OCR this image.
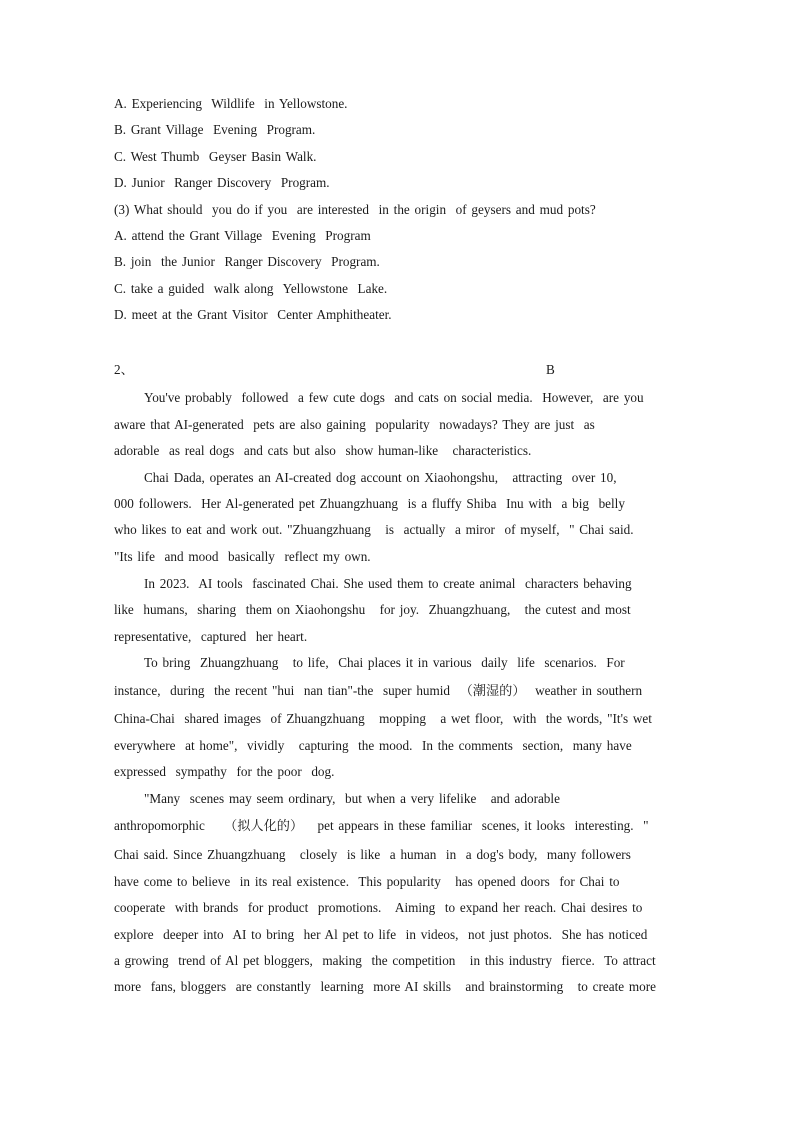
A. Experiencing  Wildlife  in Yellowstone.
B. Grant Village  Evening  Program.
C. West Thumb  Geyser Basin Walk.
D. Junior  Ranger Discovery  Program.
(3) What should  you do if you  are interested  in the origin  of geysers and mud pots?
A. attend the Grant Village  Evening  Program
B. join  the Junior  Ranger Discovery  Program.
C. take a guided  walk along  Yellowstone  Lake.
D. meet at the Grant Visitor  Center Amphitheater.
2、	B
You've probably  followed  a few cute dogs  and cats on social media.  However,  are you
aware that AI-generated  pets are also gaining  popularity  nowadays? They are just  as
adorable  as real dogs  and cats but also  show human-like   characteristics.
Chai Dada, operates an AI-created dog account on Xiaohongshu,   attracting  over 10,
000 followers.  Her Al-generated pet Zhuangzhuang  is a fluffy Shiba  Inu with  a big  belly
who likes to eat and work out. "Zhuangzhuang   is  actually  a miror  of myself,  " Chai said.
"Its life  and mood  basically  reflect my own.
In 2023.  AI tools  fascinated Chai. She used them to create animal  characters behaving
like  humans,  sharing  them on Xiaohongshu   for joy.  Zhuangzhuang,   the cutest and most
representative,  captured  her heart.
To bring  Zhuangzhuang   to life,  Chai places it in various  daily  life  scenarios.  For
instance,  during  the recent "hui  nan tian"-the  super humid  （潮湿的）  weather in southern
China-Chai  shared images  of Zhuangzhuang   mopping   a wet floor,  with  the words, "It's wet
everywhere  at home",  vividly   capturing  the mood.  In the comments  section,  many have
expressed  sympathy  for the poor  dog.
"Many  scenes may seem ordinary,  but when a very lifelike   and adorable
anthropomorphic    （拟人化的）   pet appears in these familiar  scenes, it looks  interesting.  "
Chai said. Since Zhuangzhuang   closely  is like  a human  in  a dog's body,  many followers
have come to believe  in its real existence.  This popularity   has opened doors  for Chai to
cooperate  with brands  for product  promotions.   Aiming  to expand her reach. Chai desires to
explore  deeper into  AI to bring  her Al pet to life  in videos,  not just photos.  She has noticed
a growing  trend of Al pet bloggers,  making  the competition   in this industry  fierce.  To attract
more  fans, bloggers  are constantly  learning  more AI skills   and brainstorming   to create more
